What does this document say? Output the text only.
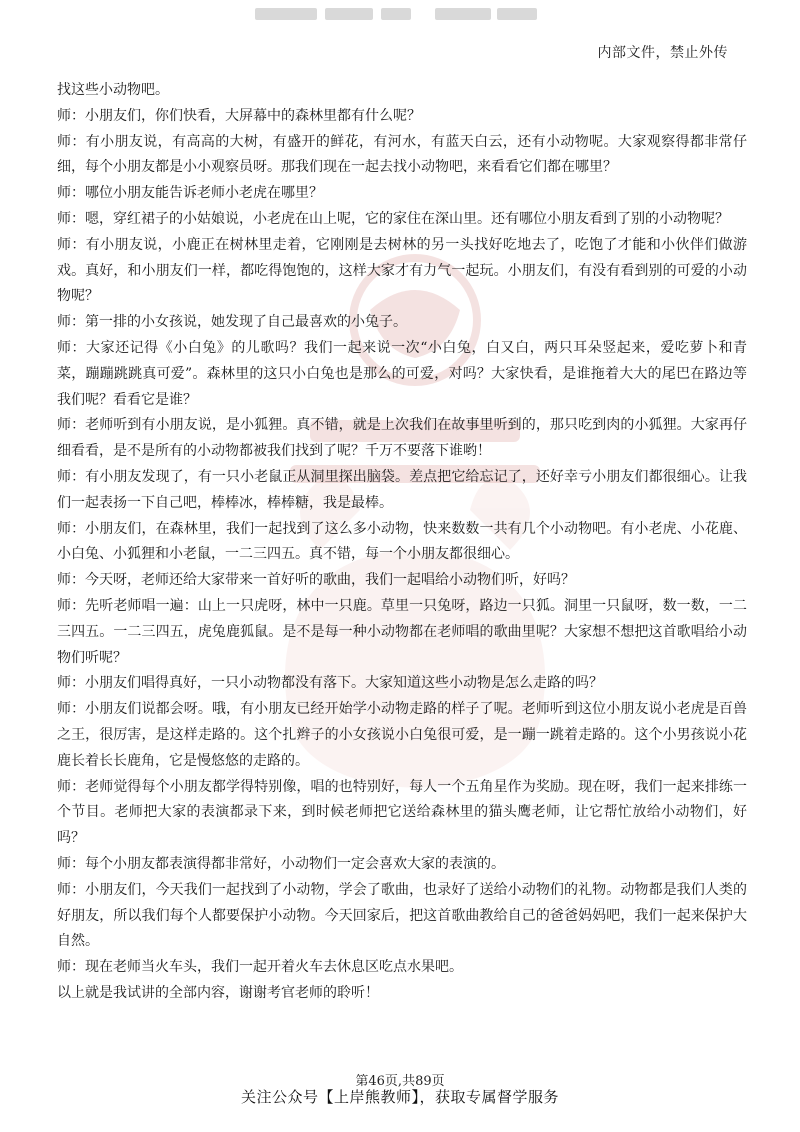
内部文件，禁止外传

找这些小动物吧。

师：小朋友们，你们快看，大屏幕中的森林里都有什么呢？

师：有小朋友说，有高高的大树，有盛开的鲜花，有河水，有蓝天白云，还有小动物呢。大家观察得都非常仔细，每个小朋友都是小小观察员呀。那我们现在一起去找小动物吧，来看看它们都在哪里？

师：哪位小朋友能告诉老师小老虎在哪里？

师：嗯，穿红裙子的小姑娘说，小老虎在山上呢，它的家住在深山里。还有哪位小朋友看到了别的小动物呢？

师：有小朋友说，小鹿正在树林里走着，它刚刚是去树林的另一头找好吃地去了，吃饱了才能和小伙伴们做游戏。真好，和小朋友们一样，都吃得饱饱的，这样大家才有力气一起玩。小朋友们，有没有看到别的可爱的小动物呢？

师：第一排的小女孩说，她发现了自己最喜欢的小兔子。

师：大家还记得《小白兔》的儿歌吗？我们一起来说一次“小白兔，白又白，两只耳朵竖起来，爱吃萝卜和青菜，蹦蹦跳跳真可爱”。森林里的这只小白兔也是那么的可爱，对吗？大家快看，是谁拖着大大的尾巴在路边等我们呢？看看它是谁？

师：老师听到有小朋友说，是小狐狸。真不错，就是上次我们在故事里听到的，那只吃到肉的小狐狸。大家再仔细看看，是不是所有的小动物都被我们找到了呢？千万不要落下谁哟！

师：有小朋友发现了，有一只小老鼠正从洞里探出脑袋。差点把它给忘记了，还好幸亏小朋友们都很细心。让我们一起表扬一下自己吧，棒棒冰，棒棒糖，我是最棒。

师：小朋友们，在森林里，我们一起找到了这么多小动物，快来数数一共有几个小动物吧。有小老虎、小花鹿、小白兔、小狐狸和小老鼠，一二三四五。真不错，每一个小朋友都很细心。

师：今天呀，老师还给大家带来一首好听的歌曲，我们一起唱给小动物们听，好吗？

师：先听老师唱一遍：山上一只虎呀，林中一只鹿。草里一只兔呀，路边一只狐。洞里一只鼠呀，数一数，一二三四五。一二三四五，虎兔鹿狐鼠。是不是每一种小动物都在老师唱的歌曲里呢？大家想不想把这首歌唱给小动物们听呢？

师：小朋友们唱得真好，一只小动物都没有落下。大家知道这些小动物是怎么走路的吗？

师：小朋友们说都会呀。哦，有小朋友已经开始学小动物走路的样子了呢。老师听到这位小朋友说小老虎是百兽之王，很厉害，是这样走路的。这个扎辫子的小女孩说小白兔很可爱，是一蹦一跳着走路的。这个小男孩说小花鹿长着长长鹿角，它是慢悠悠的走路的。

师：老师觉得每个小朋友都学得特别像，唱的也特别好，每人一个五角星作为奖励。现在呀，我们一起来排练一个节目。老师把大家的表演都录下来，到时候老师把它送给森林里的猫头鹰老师，让它帮忙放给小动物们，好吗？

师：每个小朋友都表演得都非常好，小动物们一定会喜欢大家的表演的。

师：小朋友们，今天我们一起找到了小动物，学会了歌曲，也录好了送给小动物们的礼物。动物都是我们人类的好朋友，所以我们每个人都要保护小动物。今天回家后，把这首歌曲教给自己的爸爸妈妈吧，我们一起来保护大自然。

师：现在老师当火车头，我们一起开着火车去休息区吃点水果吧。

以上就是我试讲的全部内容，谢谢考官老师的聆听！

第46页,共89页
关注公众号【上岸熊教师】，获取专属督学服务
